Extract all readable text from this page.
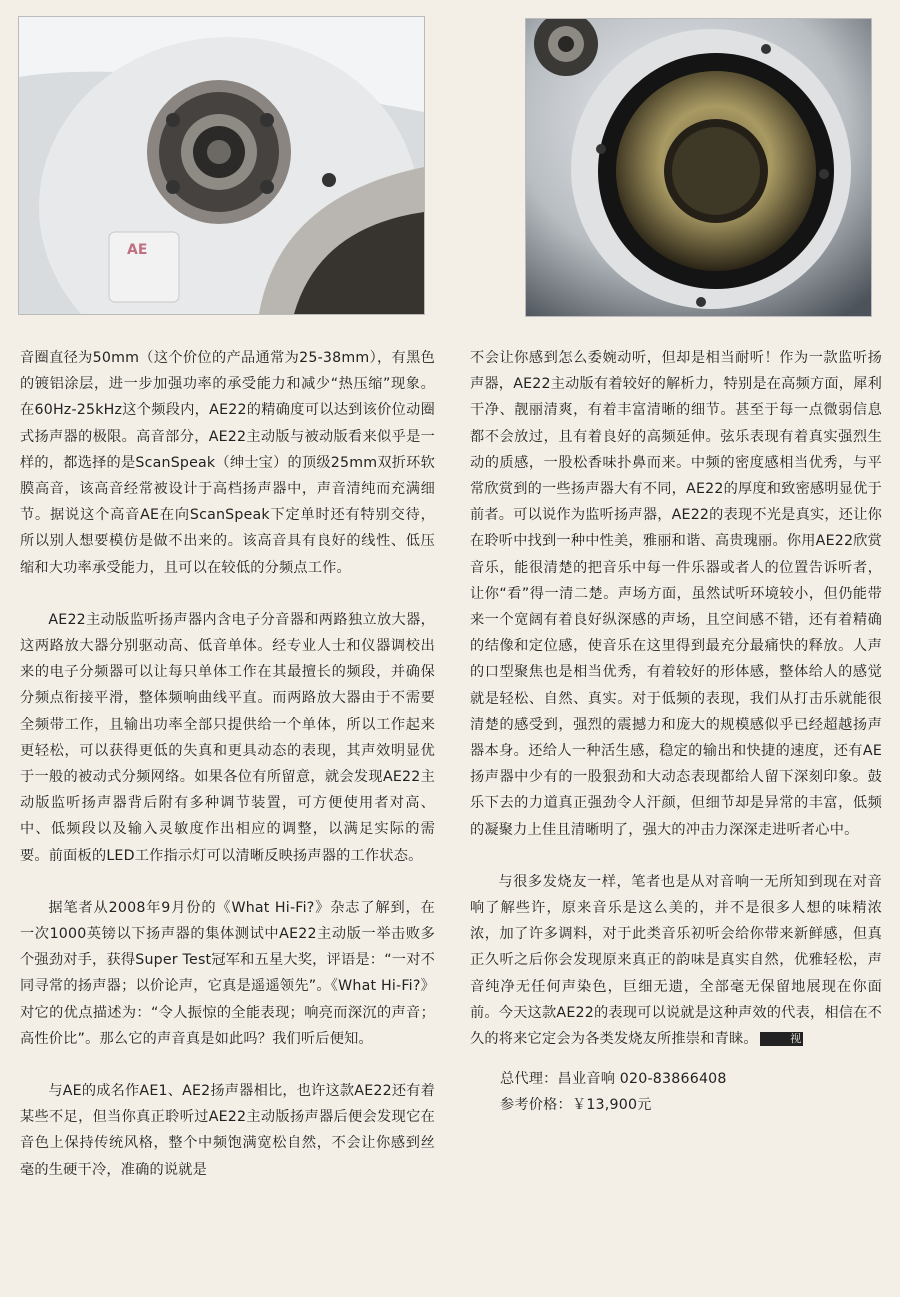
AE

音圈直径为50mm（这个价位的产品通常为25-38mm），有黑色的镀铝涂层，进一步加强功率的承受能力和减少“热压缩”现象。在60Hz-25kHz这个频段内，AE22的精确度可以达到该价位动圈式扬声器的极限。高音部分，AE22主动版与被动版看来似乎是一样的，都选择的是ScanSpeak（绅士宝）的顶级25mm双折环软膜高音，该高音经常被设计于高档扬声器中，声音清纯而充满细节。据说这个高音AE在向ScanSpeak下定单时还有特别交待，所以别人想要模仿是做不出来的。该高音具有良好的线性、低压缩和大功率承受能力，且可以在较低的分频点工作。

AE22主动版监听扬声器内含电子分音器和两路独立放大器，这两路放大器分别驱动高、低音单体。经专业人士和仪器调校出来的电子分频器可以让每只单体工作在其最擅长的频段，并确保分频点衔接平滑，整体频响曲线平直。而两路放大器由于不需要全频带工作，且输出功率全部只提供给一个单体，所以工作起来更轻松，可以获得更低的失真和更具动态的表现，其声效明显优于一般的被动式分频网络。如果各位有所留意，就会发现AE22主动版监听扬声器背后附有多种调节装置，可方便使用者对高、中、低频段以及输入灵敏度作出相应的调整，以满足实际的需要。前面板的LED工作指示灯可以清晰反映扬声器的工作状态。

据笔者从2008年9月份的《What Hi-Fi?》杂志了解到，在一次1000英镑以下扬声器的集体测试中AE22主动版一举击败多个强劲对手，获得Super Test冠军和五星大奖，评语是：“一对不同寻常的扬声器；以价论声，它真是遥遥领先”。《What Hi-Fi?》对它的优点描述为：“令人振惊的全能表现；响亮而深沉的声音；高性价比”。那么它的声音真是如此吗？我们听后便知。

与AE的成名作AE1、AE2扬声器相比，也许这款AE22还有着某些不足，但当你真正聆听过AE22主动版扬声器后便会发现它在音色上保持传统风格，整个中频饱满宽松自然，不会让你感到丝毫的生硬干冷，准确的说就是

不会让你感到怎么委婉动听，但却是相当耐听！作为一款监听扬声器，AE22主动版有着较好的解析力，特别是在高频方面，犀利干净、靓丽清爽，有着丰富清晰的细节。甚至于每一点微弱信息都不会放过，且有着良好的高频延伸。弦乐表现有着真实强烈生动的质感，一股松香味扑鼻而来。中频的密度感相当优秀，与平常欣赏到的一些扬声器大有不同，AE22的厚度和致密感明显优于前者。可以说作为监听扬声器，AE22的表现不光是真实，还让你在聆听中找到一种中性美，雅丽和谐、高贵瑰丽。你用AE22欣赏音乐，能很清楚的把音乐中每一件乐器或者人的位置告诉听者，让你“看”得一清二楚。声场方面，虽然试听环境较小，但仍能带来一个宽阔有着良好纵深感的声场，且空间感不错，还有着精确的结像和定位感，使音乐在这里得到最充分最痛快的释放。人声的口型聚焦也是相当优秀，有着较好的形体感，整体给人的感觉就是轻松、自然、真实。对于低频的表现，我们从打击乐就能很清楚的感受到，强烈的震撼力和庞大的规模感似乎已经超越扬声器本身。还给人一种活生感，稳定的输出和快捷的速度，还有AE扬声器中少有的一股狠劲和大动态表现都给人留下深刻印象。鼓乐下去的力道真正强劲令人汗颜，但细节却是异常的丰富，低频的凝聚力上佳且清晰明了，强大的冲击力深深走进听者心中。

与很多发烧友一样，笔者也是从对音响一无所知到现在对音响了解些许，原来音乐是这么美的，并不是很多人想的味精浓浓，加了许多调料，对于此类音乐初听会给你带来新鲜感，但真正久听之后你会发现原来真正的韵味是真实自然，优雅轻松，声音纯净无任何声染色，巨细无遗，全部毫无保留地展现在你面前。今天这款AE22的表现可以说就是这种声效的代表，相信在不久的将来它定会为各类发烧友所推崇和青睐。	视

总代理：昌业音响 020-83866408
参考价格：￥13,900元
